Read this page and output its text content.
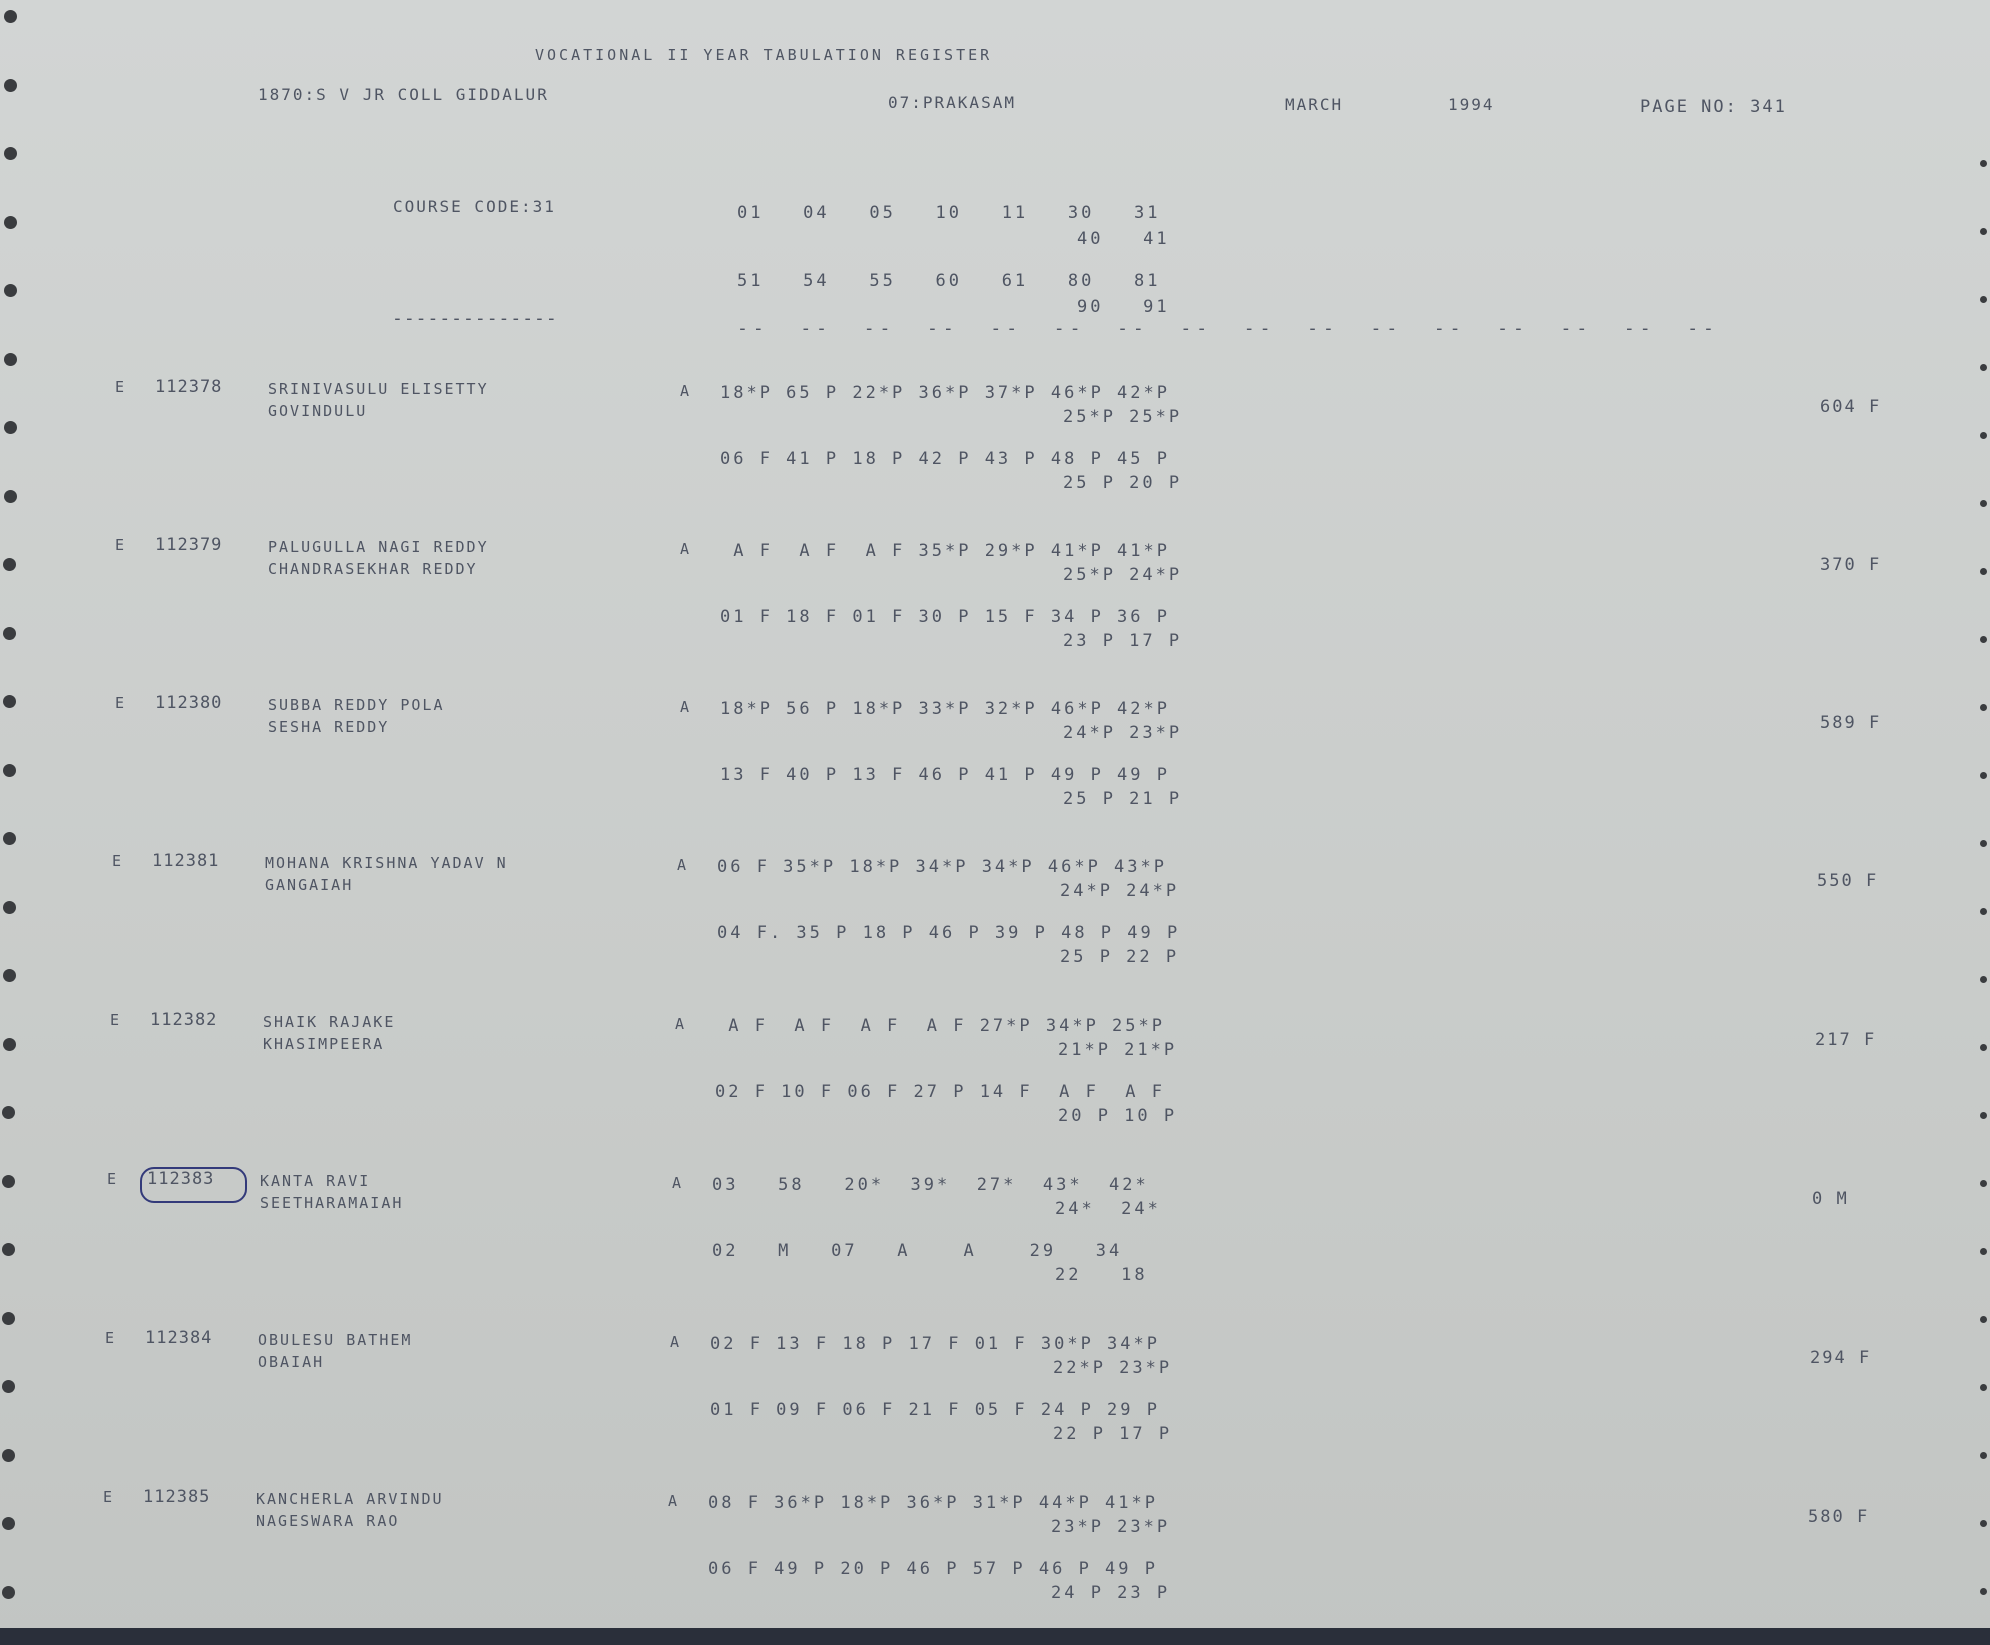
VOCATIONAL II YEAR TABULATION REGISTER
1870:S V JR COLL GIDDALUR	07:PRAKASAM	MARCH	1994	PAGE NO: 341
COURSE CODE:31	01   04   05   10   11   30   31
40   41
51   54   55   60   61   80   81
90   91
--------------	--  --  --  --  --  --  --  --  --  --  --  --  --  --  --  --
E 112378	SRINIVASULU ELISETTY
GOVINDULU
A 18*P 65 P 22*P 36*P 37*P 46*P 42*P
25*P 25*P
06 F 41 P 18 P 42 P 43 P 48 P 45 P
25 P 20 P
604 F
E 112379	PALUGULLA NAGI REDDY
CHANDRASEKHAR REDDY
A A F  A F  A F 35*P 29*P 41*P 41*P
25*P 24*P
01 F 18 F 01 F 30 P 15 F 34 P 36 P
23 P 17 P
370 F
E 112380	SUBBA REDDY POLA
SESHA REDDY
A 18*P 56 P 18*P 33*P 32*P 46*P 42*P
24*P 23*P
13 F 40 P 13 F 46 P 41 P 49 P 49 P
25 P 21 P
589 F
E 112381	MOHANA KRISHNA YADAV N
GANGAIAH
A 06 F 35*P 18*P 34*P 34*P 46*P 43*P
24*P 24*P
04 F. 35 P 18 P 46 P 39 P 48 P 49 P
25 P 22 P
550 F
E 112382	SHAIK RAJAKE
KHASIMPEERA
A A F  A F  A F  A F 27*P 34*P 25*P
21*P 21*P
02 F 10 F 06 F 27 P 14 F  A F  A F
20 P 10 P
217 F
E 112383	KANTA RAVI
SEETHARAMAIAH
A 03   58   20*  39*  27*  43*  42*
24*  24*
02   M   07   A    A    29   34
22   18
0 M
E 112384	OBULESU BATHEM
OBAIAH
A 02 F 13 F 18 P 17 F 01 F 30*P 34*P
22*P 23*P
01 F 09 F 06 F 21 F 05 F 24 P 29 P
22 P 17 P
294 F
E 112385	KANCHERLA ARVINDU
NAGESWARA RAO
A 08 F 36*P 18*P 36*P 31*P 44*P 41*P
23*P 23*P
06 F 49 P 20 P 46 P 57 P 46 P 49 P
24 P 23 P
580 F
